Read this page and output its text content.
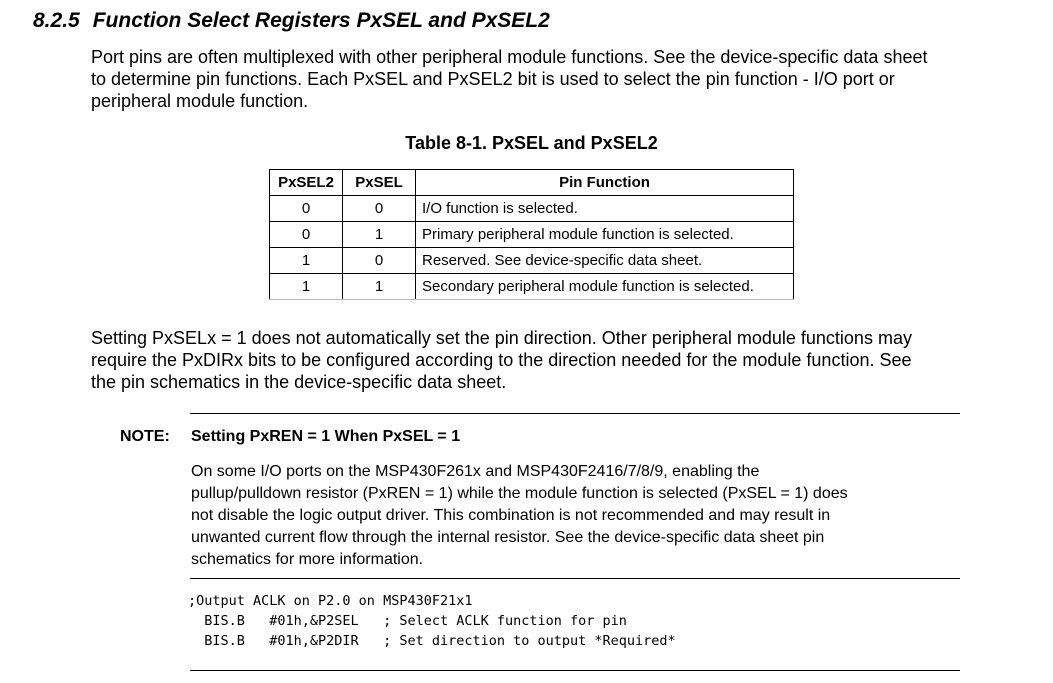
8.2.5 Function Select Registers PxSEL and PxSEL2
Port pins are often multiplexed with other peripheral module functions. See the device-specific data sheet
to determine pin functions. Each PxSEL and PxSEL2 bit is used to select the pin function - I/O port or
peripheral module function.
Table 8-1. PxSEL and PxSEL2
PxSEL2	PxSEL	Pin Function
0	0	I/O function is selected.
0	1	Primary peripheral module function is selected.
1	0	Reserved. See device-specific data sheet.
1	1	Secondary peripheral module function is selected.
Setting PxSELx = 1 does not automatically set the pin direction. Other peripheral module functions may
require the PxDIRx bits to be configured according to the direction needed for the module function. See
the pin schematics in the device-specific data sheet.
NOTE: Setting PxREN = 1 When PxSEL = 1
On some I/O ports on the MSP430F261x and MSP430F2416/7/8/9, enabling the
pullup/pulldown resistor (PxREN = 1) while the module function is selected (PxSEL = 1) does
not disable the logic output driver. This combination is not recommended and may result in
unwanted current flow through the internal resistor. See the device-specific data sheet pin
schematics for more information.
;Output ACLK on P2.0 on MSP430F21x1
BIS.B   #01h,&P2SEL   ; Select ACLK function for pin
BIS.B   #01h,&P2DIR   ; Set direction to output *Required*
